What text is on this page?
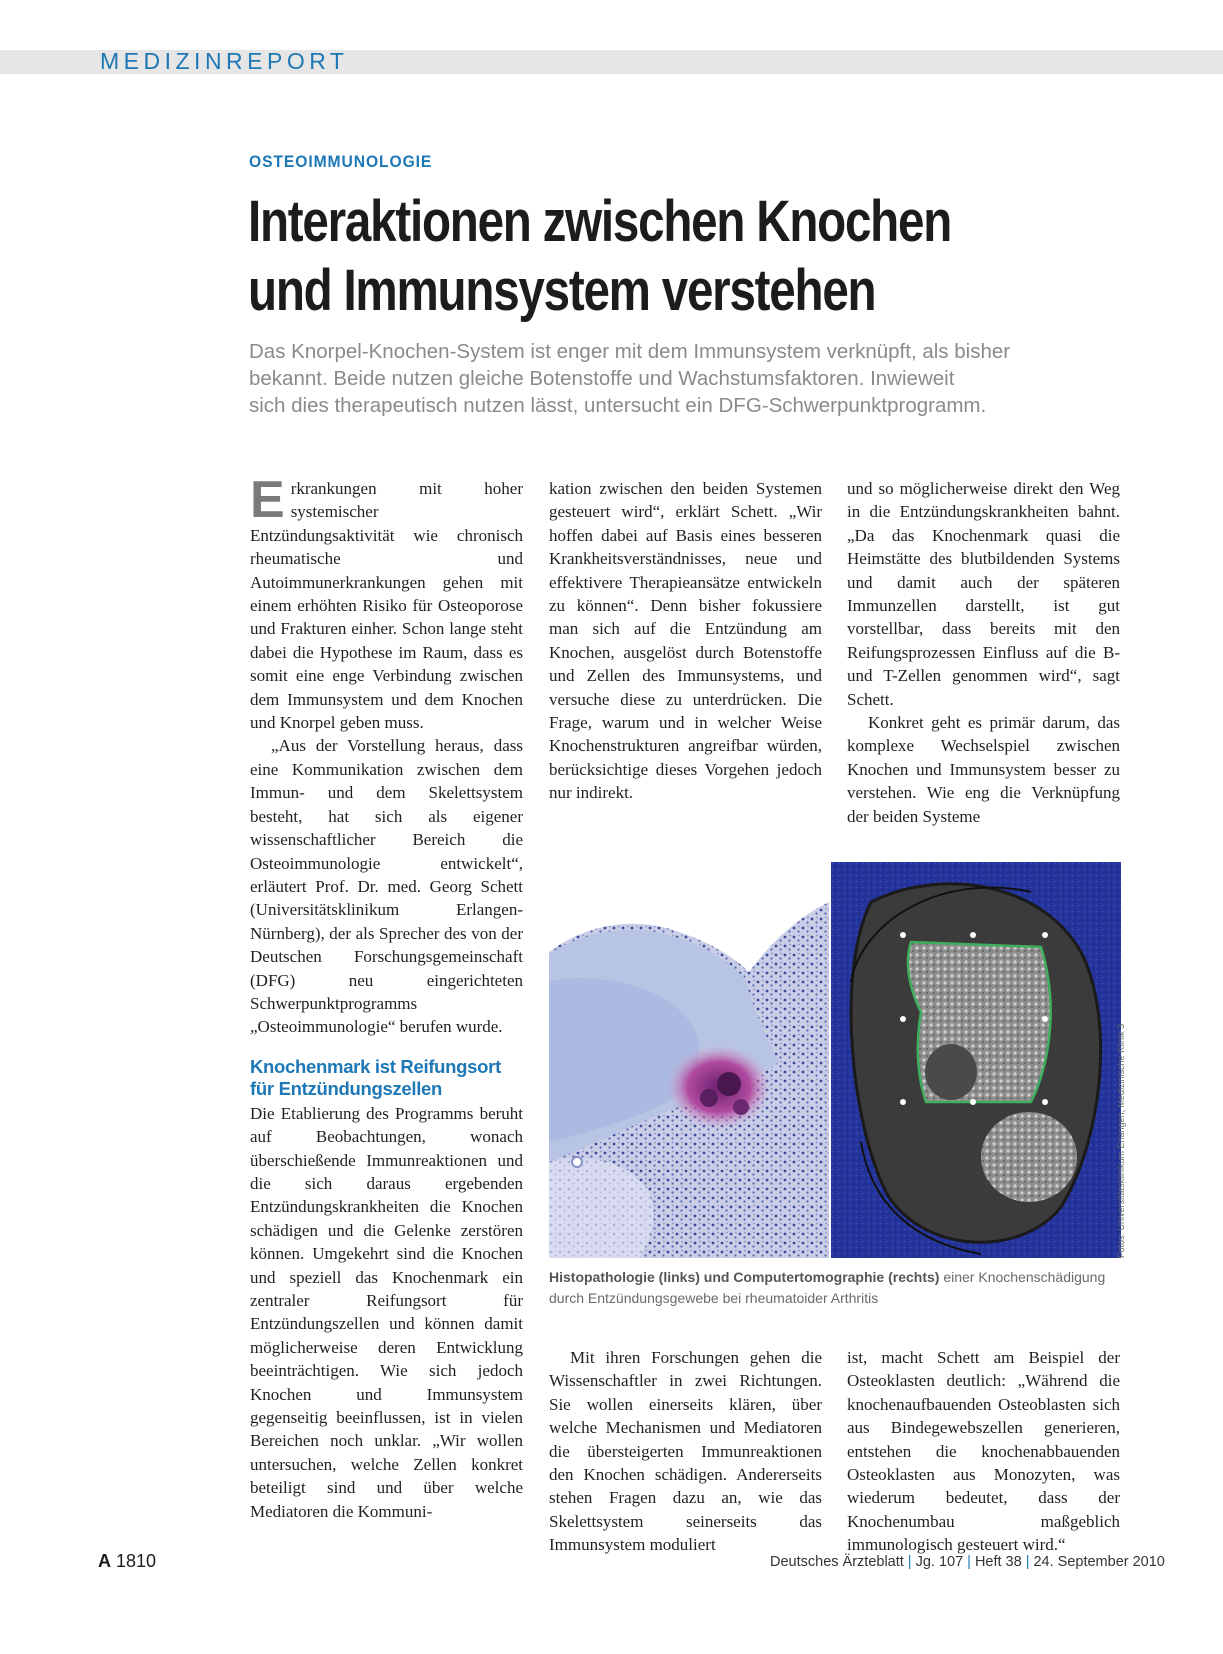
MEDIZINREPORT
OSTEOIMMUNOLOGIE
Interaktionen zwischen Knochen
und Immunsystem verstehen

Das Knorpel-Knochen-System ist enger mit dem Immunsystem verknüpft, als bisher
bekannt. Beide nutzen gleiche Botenstoffe und Wachstumsfaktoren. Inwieweit
sich dies therapeutisch nutzen lässt, untersucht ein DFG-Schwerpunktprogramm.

Erkrankungen mit hoher systemischer Entzündungsaktivität wie chronisch rheumatische und Autoimmunerkrankungen gehen mit einem erhöhten Risiko für Osteoporose und Frakturen einher. Schon lange steht dabei die Hypothese im Raum, dass es somit eine enge Verbindung zwischen dem Immunsystem und dem Knochen und Knorpel geben muss.

„Aus der Vorstellung heraus, dass eine Kommunikation zwischen dem Immun- und dem Skelettsystem besteht, hat sich als eigener wissenschaftlicher Bereich die Osteoimmunologie entwickelt“, erläutert Prof. Dr. med. Georg Schett (Universitätsklinikum Erlangen-Nürnberg), der als Sprecher des von der Deutschen Forschungsgemeinschaft (DFG) neu eingerichteten Schwerpunktprogramms „Osteoimmunologie“ berufen wurde.

Knochenmark ist Reifungsort für Entzündungszellen

Die Etablierung des Programms beruht auf Beobachtungen, wonach überschießende Immunreaktionen und die sich daraus ergebenden Entzündungskrankheiten die Knochen schädigen und die Gelenke zerstören können. Umgekehrt sind die Knochen und speziell das Knochenmark ein zentraler Reifungsort für Entzündungszellen und können damit möglicherweise deren Entwicklung beeinträchtigen. Wie sich jedoch Knochen und Immunsystem gegenseitig beeinflussen, ist in vielen Bereichen noch unklar. „Wir wollen untersuchen, welche Zellen konkret beteiligt sind und über welche Mediatoren die Kommuni-

kation zwischen den beiden Systemen gesteuert wird“, erklärt Schett. „Wir hoffen dabei auf Basis eines besseren Krankheitsverständnisses, neue und effektivere Therapieansätze entwickeln zu können“. Denn bisher fokussiere man sich auf die Entzündung am Knochen, ausgelöst durch Botenstoffe und Zellen des Immunsystems, und versuche diese zu unterdrücken. Die Frage, warum und in welcher Weise Knochenstrukturen angreifbar würden, berücksichtige dieses Vorgehen jedoch nur indirekt.

und so möglicherweise direkt den Weg in die Entzündungskrankheiten bahnt. „Da das Knochenmark quasi die Heimstätte des blutbildenden Systems und damit auch der späteren Immunzellen darstellt, ist gut vorstellbar, dass bereits mit den Reifungsprozessen Einfluss auf die B- und T-Zellen genommen wird“, sagt Schett.

Konkret geht es primär darum, das komplexe Wechselspiel zwischen Knochen und Immunsystem besser zu verstehen. Wie eng die Verknüpfung der beiden Systeme

Fotos: Universitätsklinikum Erlangen, Medizinische Klinik 3

Histopathologie (links) und Computertomographie (rechts) einer Knochenschädigung durch Entzündungsgewebe bei rheumatoider Arthritis

Mit ihren Forschungen gehen die Wissenschaftler in zwei Richtungen. Sie wollen einerseits klären, über welche Mechanismen und Mediatoren die übersteigerten Immunreaktionen den Knochen schädigen. Andererseits stehen Fragen dazu an, wie das Skelettsystem seinerseits das Immunsystem moduliert

ist, macht Schett am Beispiel der Osteoklasten deutlich: „Während die knochenaufbauenden Osteoblasten sich aus Bindegewebszellen generieren, entstehen die knochenabbauenden Osteoklasten aus Monozyten, was wiederum bedeutet, dass der Knochenumbau maßgeblich immunologisch gesteuert wird.“

A 1810	Deutsches Ärzteblatt | Jg. 107 | Heft 38 | 24. September 2010
